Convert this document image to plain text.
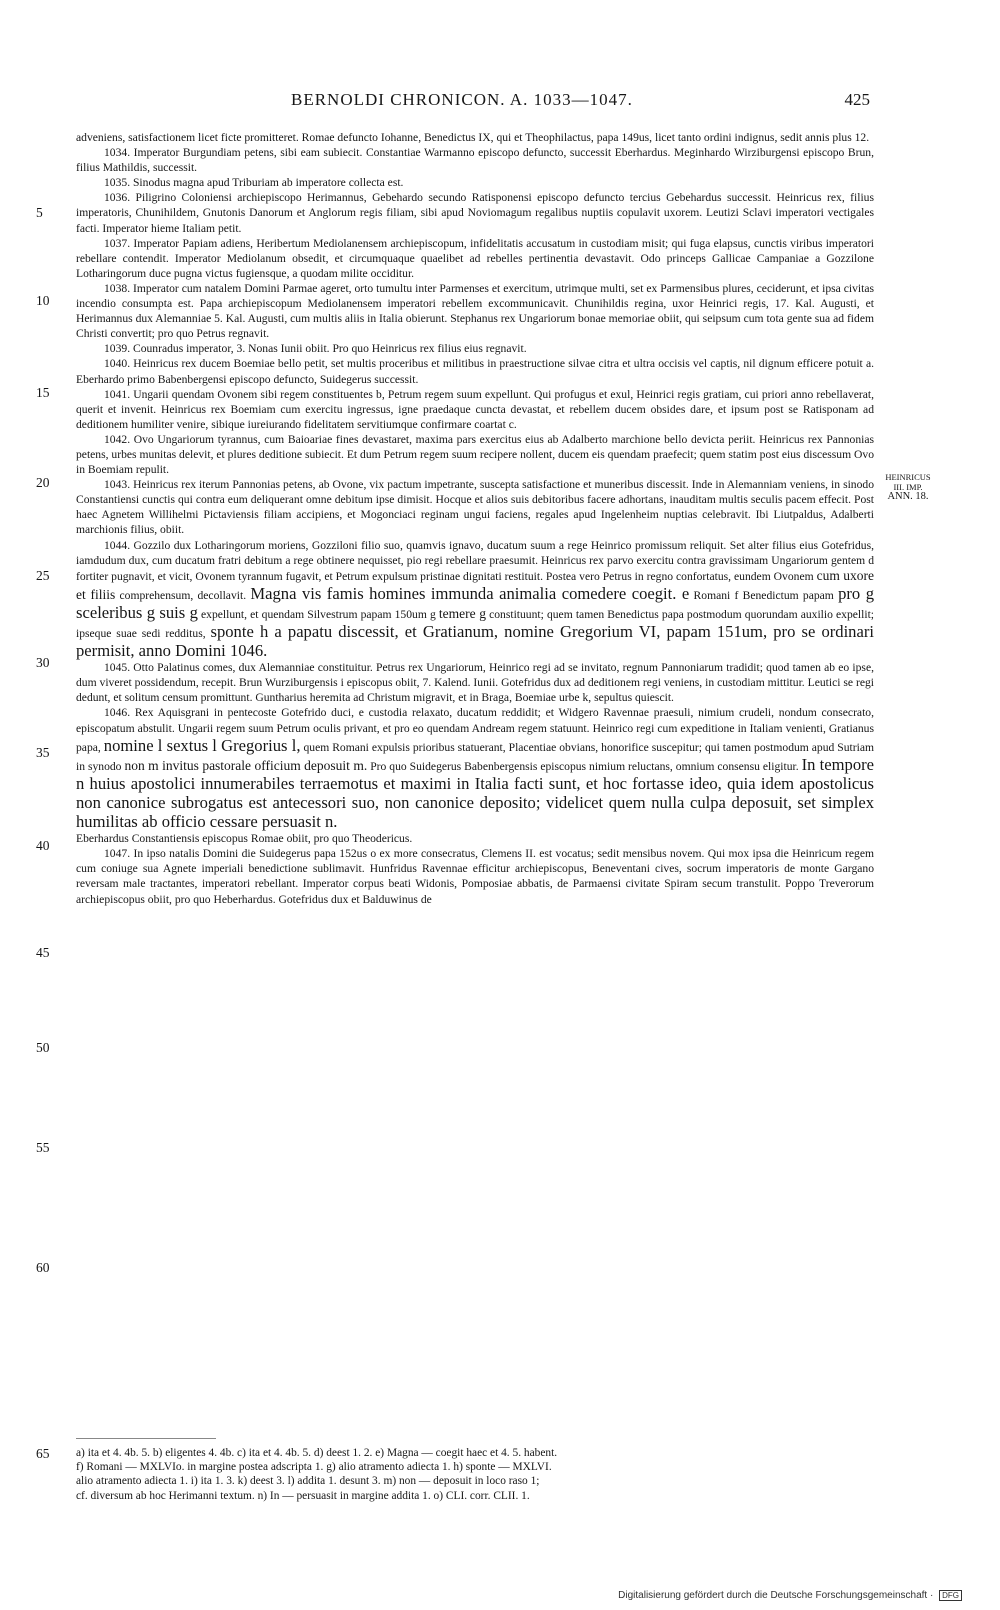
BERNOLDI CHRONICON. A. 1033—1047.	425
5
10
15
20
25
30
35
40
45
50
55
60
65
HEINRICUS
III. IMP.
ANN. 18.

adveniens, satisfactionem licet ficte promitteret. Romae defuncto Iohanne, Benedictus IX, qui et Theophilactus, papa 149us, licet tanto ordini indignus, sedit annis plus 12.

1034. Imperator Burgundiam petens, sibi eam subiecit. Constantiae Warmanno episcopo defuncto, successit Eberhardus. Meginhardo Wirziburgensi episcopo Brun, filius Mathildis, successit.

1035. Sinodus magna apud Triburiam ab imperatore collecta est.

1036. Piligrino Coloniensi archiepiscopo Herimannus, Gebehardo secundo Ratisponensi episcopo defuncto tercius Gebehardus successit. Heinricus rex, filius imperatoris, Chunihildem, Gnutonis Danorum et Anglorum regis filiam, sibi apud Noviomagum regalibus nuptiis copulavit uxorem. Leutizi Sclavi imperatori vectigales facti. Imperator hieme Italiam petit.

1037. Imperator Papiam adiens, Heribertum Mediolanensem archiepiscopum, infidelitatis accusatum in custodiam misit; qui fuga elapsus, cunctis viribus imperatori rebellare contendit. Imperator Mediolanum obsedit, et circumquaque quaelibet ad rebelles pertinentia devastavit. Odo princeps Gallicae Campaniae a Gozzilone Lotharingorum duce pugna victus fugiensque, a quodam milite occiditur.

1038. Imperator cum natalem Domini Parmae ageret, orto tumultu inter Parmenses et exercitum, utrimque multi, set ex Parmensibus plures, ceciderunt, et ipsa civitas incendio consumpta est. Papa archiepiscopum Mediolanensem imperatori rebellem excommunicavit. Chunihildis regina, uxor Heinrici regis, 17. Kal. Augusti, et Herimannus dux Alemanniae 5. Kal. Augusti, cum multis aliis in Italia obierunt. Stephanus rex Ungariorum bonae memoriae obiit, qui seipsum cum tota gente sua ad fidem Christi convertit; pro quo Petrus regnavit.

1039. Counradus imperator, 3. Nonas Iunii obiit. Pro quo Heinricus rex filius eius regnavit.

1040. Heinricus rex ducem Boemiae bello petit, set multis proceribus et militibus in praestructione silvae citra et ultra occisis vel captis, nil dignum efficere potuit a. Eberhardo primo Babenbergensi episcopo defuncto, Suidegerus successit.

1041. Ungarii quendam Ovonem sibi regem constituentes b, Petrum regem suum expellunt. Qui profugus et exul, Heinrici regis gratiam, cui priori anno rebellaverat, querit et invenit. Heinricus rex Boemiam cum exercitu ingressus, igne praedaque cuncta devastat, et rebellem ducem obsides dare, et ipsum post se Ratisponam ad deditionem humiliter venire, sibique iureiurando fidelitatem servitiumque confirmare coartat c.

1042. Ovo Ungariorum tyrannus, cum Baioariae fines devastaret, maxima pars exercitus eius ab Adalberto marchione bello devicta periit. Heinricus rex Pannonias petens, urbes munitas delevit, et plures deditione subiecit. Et dum Petrum regem suum recipere nollent, ducem eis quendam praefecit; quem statim post eius discessum Ovo in Boemiam repulit.

1043. Heinricus rex iterum Pannonias petens, ab Ovone, vix pactum impetrante, suscepta satisfactione et muneribus discessit. Inde in Alemanniam veniens, in sinodo Constantiensi cunctis qui contra eum deliquerant omne debitum ipse dimisit. Hocque et alios suis debitoribus facere adhortans, inauditam multis seculis pacem effecit. Post haec Agnetem Willihelmi Pictaviensis filiam accipiens, et Mogonciaci reginam ungui faciens, regales apud Ingelenheim nuptias celebravit. Ibi Liutpaldus, Adalberti marchionis filius, obiit.

1044. Gozzilo dux Lotharingorum moriens, Gozziloni filio suo, quamvis ignavo, ducatum suum a rege Heinrico promissum reliquit. Set alter filius eius Gotefridus, iamdudum dux, cum ducatum fratri debitum a rege obtinere nequisset, pio regi rebellare praesumit. Heinricus rex parvo exercitu contra gravissimam Ungariorum gentem d fortiter pugnavit, et vicit, Ovonem tyrannum fugavit, et Petrum expulsum pristinae dignitati restituit. Postea vero Petrus in regno confortatus, eundem Ovonem cum uxore et filiis comprehensum, decollavit. Magna vis famis homines immunda animalia comedere coegit. e Romani f Benedictum papam pro g sceleribus g suis g expellunt, et quendam Silvestrum papam 150um g temere g constituunt; quem tamen Benedictus papa postmodum quorundam auxilio expellit; ipseque suae sedi redditus, sponte h a papatu discessit, et Gratianum, nomine Gregorium VI, papam 151um, pro se ordinari permisit, anno Domini 1046.

1045. Otto Palatinus comes, dux Alemanniae constituitur. Petrus rex Ungariorum, Heinrico regi ad se invitato, regnum Pannoniarum tradidit; quod tamen ab eo ipse, dum viveret possidendum, recepit. Brun Wurziburgensis i episcopus obiit, 7. Kalend. Iunii. Gotefridus dux ad deditionem regi veniens, in custodiam mittitur. Leutici se regi dedunt, et solitum censum promittunt. Guntharius heremita ad Christum migravit, et in Braga, Boemiae urbe k, sepultus quiescit.

1046. Rex Aquisgrani in pentecoste Gotefrido duci, e custodia relaxato, ducatum reddidit; et Widgero Ravennae praesuli, nimium crudeli, nondum consecrato, episcopatum abstulit. Ungarii regem suum Petrum oculis privant, et pro eo quendam Andream regem statuunt. Heinrico regi cum expeditione in Italiam venienti, Gratianus papa, nomine l sextus l Gregorius l, quem Romani expulsis prioribus statuerant, Placentiae obvians, honorifice suscepitur; qui tamen postmodum apud Sutriam in synodo non m invitus pastorale officium deposuit m. Pro quo Suidegerus Babenbergensis episcopus nimium reluctans, omnium consensu eligitur. In tempore n huius apostolici innumerabiles terraemotus et maximi in Italia facti sunt, et hoc fortasse ideo, quia idem apostolicus non canonice subrogatus est antecessori suo, non canonice deposito; videlicet quem nulla culpa deposuit, set simplex humilitas ab officio cessare persuasit n.

Eberhardus Constantiensis episcopus Romae obiit, pro quo Theodericus.

1047. In ipso natalis Domini die Suidegerus papa 152us o ex more consecratus, Clemens II. est vocatus; sedit mensibus novem. Qui mox ipsa die Heinricum regem cum coniuge sua Agnete imperiali benedictione sublimavit. Hunfridus Ravennae efficitur archiepiscopus, Beneventani cives, socrum imperatoris de monte Gargano reversam male tractantes, imperatori rebellant. Imperator corpus beati Widonis, Pomposiae abbatis, de Parmaensi civitate Spiram secum transtulit. Poppo Treverorum archiepiscopus obiit, pro quo Heberhardus. Gotefridus dux et Balduwinus de

a) ita et 4. 4b. 5. b) eligentes 4. 4b. c) ita et 4. 4b. 5. d) deest 1. 2. e) Magna — coegit haec et 4. 5. habent.
f) Romani — MXLVIo. in margine postea adscripta 1. g) alio atramento adiecta 1. h) sponte — MXLVI.
alio atramento adiecta 1. i) ita 1. 3. k) deest 3. l) addita 1. desunt 3. m) non — deposuit in loco raso 1;
cf. diversum ab hoc Herimanni textum. n) In — persuasit in margine addita 1. o) CLI. corr. CLII. 1.
Digitalisierung gefördert durch die Deutsche Forschungsgemeinschaft · DFG
